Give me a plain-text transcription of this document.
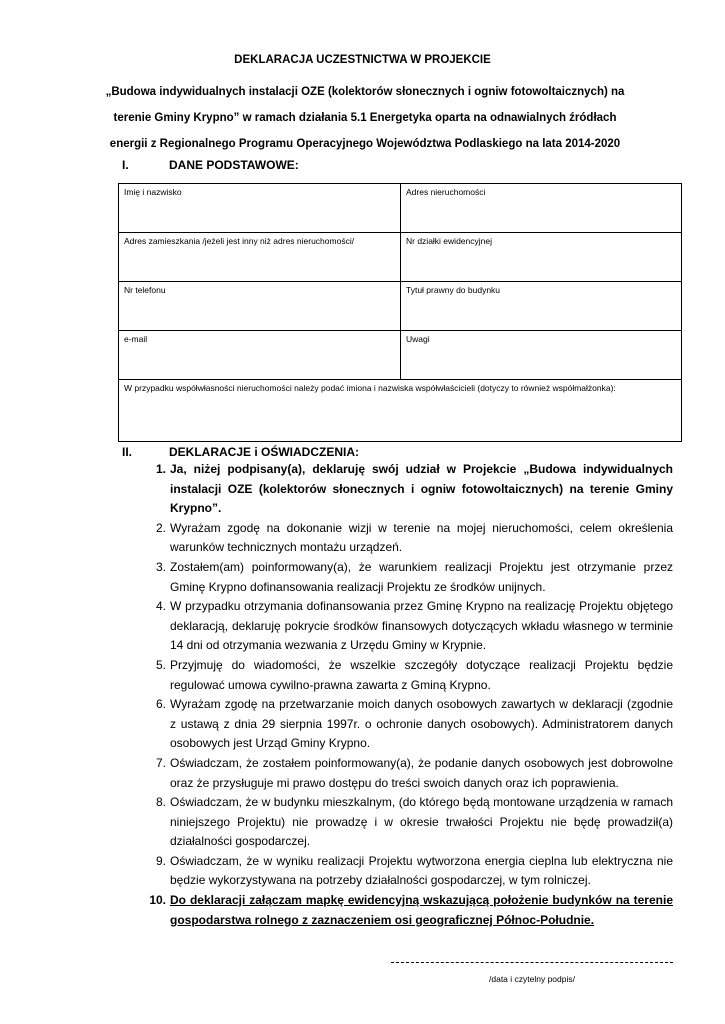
DEKLARACJA UCZESTNICTWA W PROJEKCIE
„Budowa indywidualnych instalacji OZE (kolektorów słonecznych i ogniw fotowoltaicznych) na terenie Gminy Krypno” w ramach działania 5.1 Energetyka oparta na odnawialnych źródłach energii z Regionalnego Programu Operacyjnego Województwa Podlaskiego na lata 2014-2020
I.	DANE PODSTAWOWE:
Imię i nazwisko	Adres nieruchomości
Adres zamieszkania /jeżeli jest inny niż adres nieruchomości/	Nr działki ewidencyjnej
Nr telefonu	Tytuł prawny do budynku
e-mail	Uwagi
W przypadku współwłasności nieruchomości należy podać imiona i nazwiska współwłaścicieli (dotyczy to również współmałżonka):	
II.	DEKLARACJE i OŚWIADCZENIA:
1. Ja, niżej podpisany(a), deklaruję swój udział w Projekcie „Budowa indywidualnych instalacji OZE (kolektorów słonecznych i ogniw fotowoltaicznych) na terenie Gminy Krypno”.
2. Wyrażam zgodę na dokonanie wizji w terenie na mojej nieruchomości, celem określenia warunków technicznych montażu urządzeń.
3. Zostałem(am) poinformowany(a), że warunkiem realizacji Projektu jest otrzymanie przez Gminę Krypno dofinansowania realizacji Projektu ze środków unijnych.
4. W przypadku otrzymania dofinansowania przez Gminę Krypno na realizację Projektu objętego deklaracją, deklaruję pokrycie środków finansowych dotyczących wkładu własnego w terminie 14 dni od otrzymania wezwania z Urzędu Gminy w Krypnie.
5. Przyjmuję do wiadomości, że wszelkie szczegóły dotyczące realizacji Projektu będzie regulować umowa cywilno-prawna zawarta z Gminą Krypno.
6. Wyrażam zgodę na przetwarzanie moich danych osobowych zawartych w deklaracji (zgodnie z ustawą z dnia 29 sierpnia 1997r. o ochronie danych osobowych). Administratorem danych osobowych jest Urząd Gminy Krypno.
7. Oświadczam, że zostałem poinformowany(a), że podanie danych osobowych jest dobrowolne oraz że przysługuje mi prawo dostępu do treści swoich danych oraz ich poprawienia.
8. Oświadczam, że w budynku mieszkalnym, (do którego będą montowane urządzenia w ramach niniejszego Projektu) nie prowadzę i w okresie trwałości Projektu nie będę prowadził(a) działalności gospodarczej.
9. Oświadczam, że w wyniku realizacji Projektu wytworzona energia cieplna lub elektryczna nie będzie wykorzystywana na potrzeby działalności gospodarczej, w tym rolniczej.
10. Do deklaracji załączam mapkę ewidencyjną wskazującą położenie budynków na terenie gospodarstwa rolnego z zaznaczeniem osi geograficznej Północ-Południe.
/data i czytelny podpis/
